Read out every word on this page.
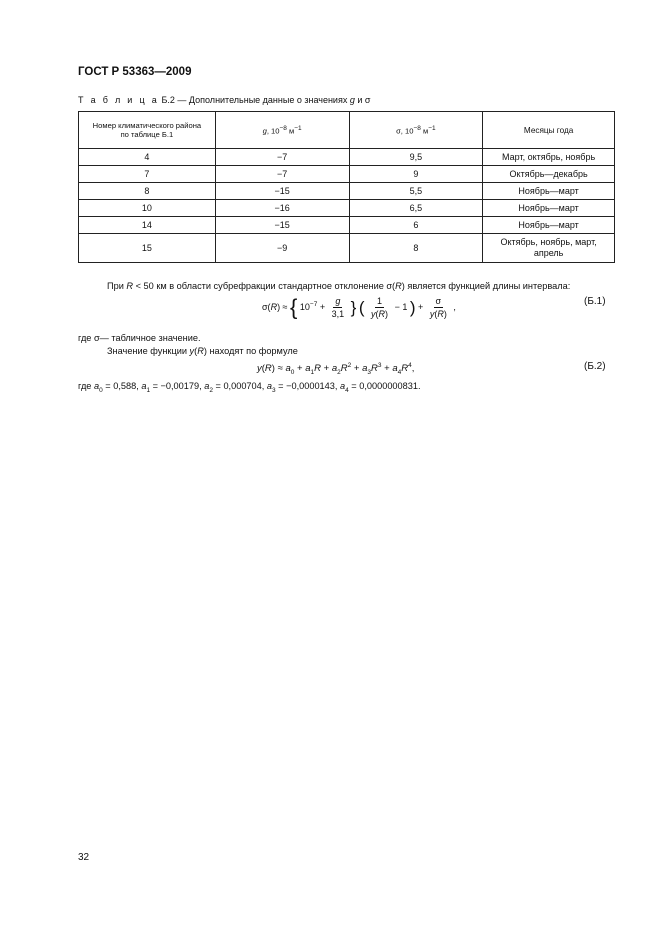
ГОСТ Р 53363—2009
Т а б л и ц а Б.2 — Дополнительные данные о значениях g и σ
Номер климатического района
по таблице Б.1	g, $10^{-8}$ $м^{-1}$	σ, $10^{-8}$ $м^{-1}$	Месяцы года
4	−7	9,5	Март, октябрь, ноябрь
7	−7	9	Октябрь—декабрь
8	−15	5,5	Ноябрь—март
10	−16	6,5	Ноябрь—март
14	−15	6	Ноябрь—март
15	−9	8	Октябрь, ноябрь, март,
апрель
При R < 50 км в области субрефракции стандартное отклонение σ(R) является функцией длины интервала:
σ(R) ≈ { $10^{-7} + \frac{g}{3,1}$ } ( $\frac{1}{y(R)} - 1$ ) + $\frac{\sigma}{y(R)}$ ,	(Б.1)
где σ— табличное значение.
Значение функции y(R) находят по формуле
$y(R) \approx a_0 + a_1R + a_2R^2 + a_3R^3 + a_4R^4$,	(Б.2)
где $a_0 = 0,588$, $a_1 = -0,00179$, $a_2 = 0,000704$, $a_3 = -0,0000143$, $a_4 = 0,0000000831$.
32
